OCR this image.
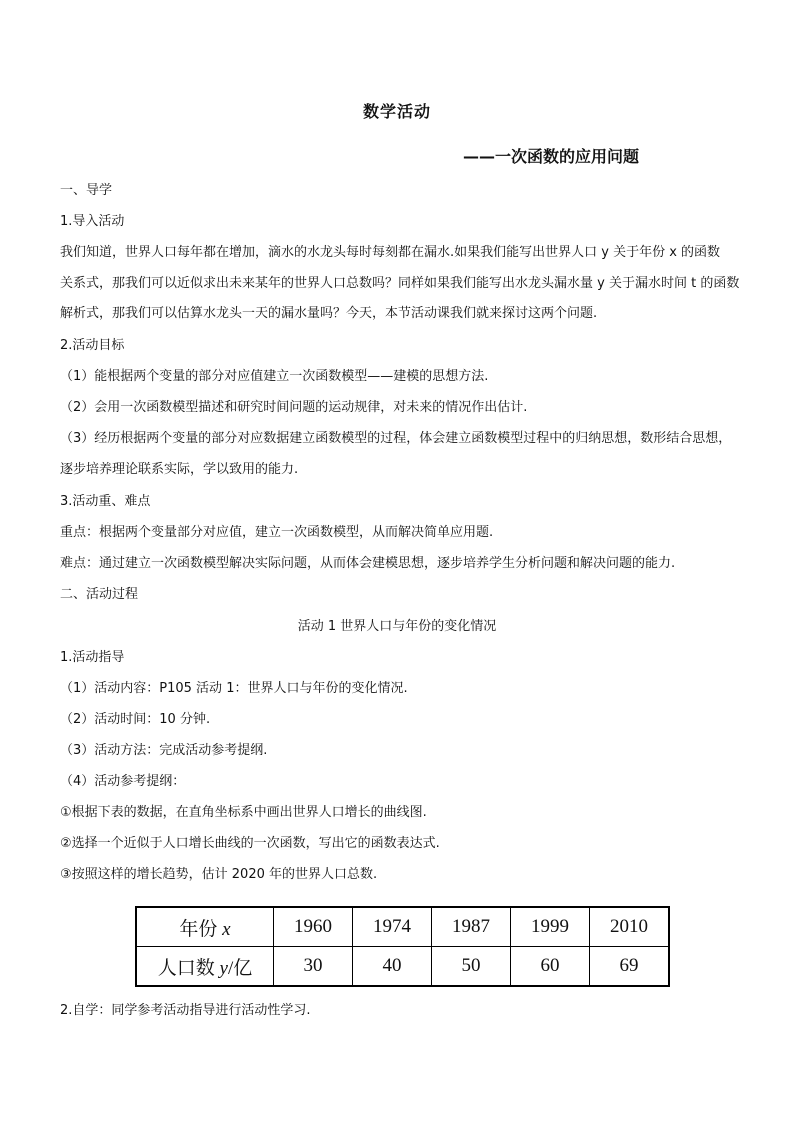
数学活动
——一次函数的应用问题
一、导学
1.导入活动
我们知道，世界人口每年都在增加，滴水的水龙头每时每刻都在漏水.如果我们能写出世界人口 y 关于年份 x 的函数
关系式，那我们可以近似求出未来某年的世界人口总数吗？同样如果我们能写出水龙头漏水量 y 关于漏水时间 t 的函数
解析式，那我们可以估算水龙头一天的漏水量吗？今天，本节活动课我们就来探讨这两个问题.
2.活动目标
（1）能根据两个变量的部分对应值建立一次函数模型——建模的思想方法.
（2）会用一次函数模型描述和研究时间问题的运动规律，对未来的情况作出估计.
（3）经历根据两个变量的部分对应数据建立函数模型的过程，体会建立函数模型过程中的归纳思想，数形结合思想，
逐步培养理论联系实际，学以致用的能力.
3.活动重、难点
重点：根据两个变量部分对应值，建立一次函数模型，从而解决简单应用题.
难点：通过建立一次函数模型解决实际问题，从而体会建模思想，逐步培养学生分析问题和解决问题的能力.
二、活动过程
活动 1 世界人口与年份的变化情况
1.活动指导
（1）活动内容：P105 活动 1：世界人口与年份的变化情况.
（2）活动时间：10 分钟.
（3）活动方法：完成活动参考提纲.
（4）活动参考提纲：
①根据下表的数据，在直角坐标系中画出世界人口增长的曲线图.
②选择一个近似于人口增长曲线的一次函数，写出它的函数表达式.
③按照这样的增长趋势，估计 2020 年的世界人口总数.
年份 x	1960	1974	1987	1999	2010
人口数 y/亿	30	40	50	60	69
2.自学：同学参考活动指导进行活动性学习.
